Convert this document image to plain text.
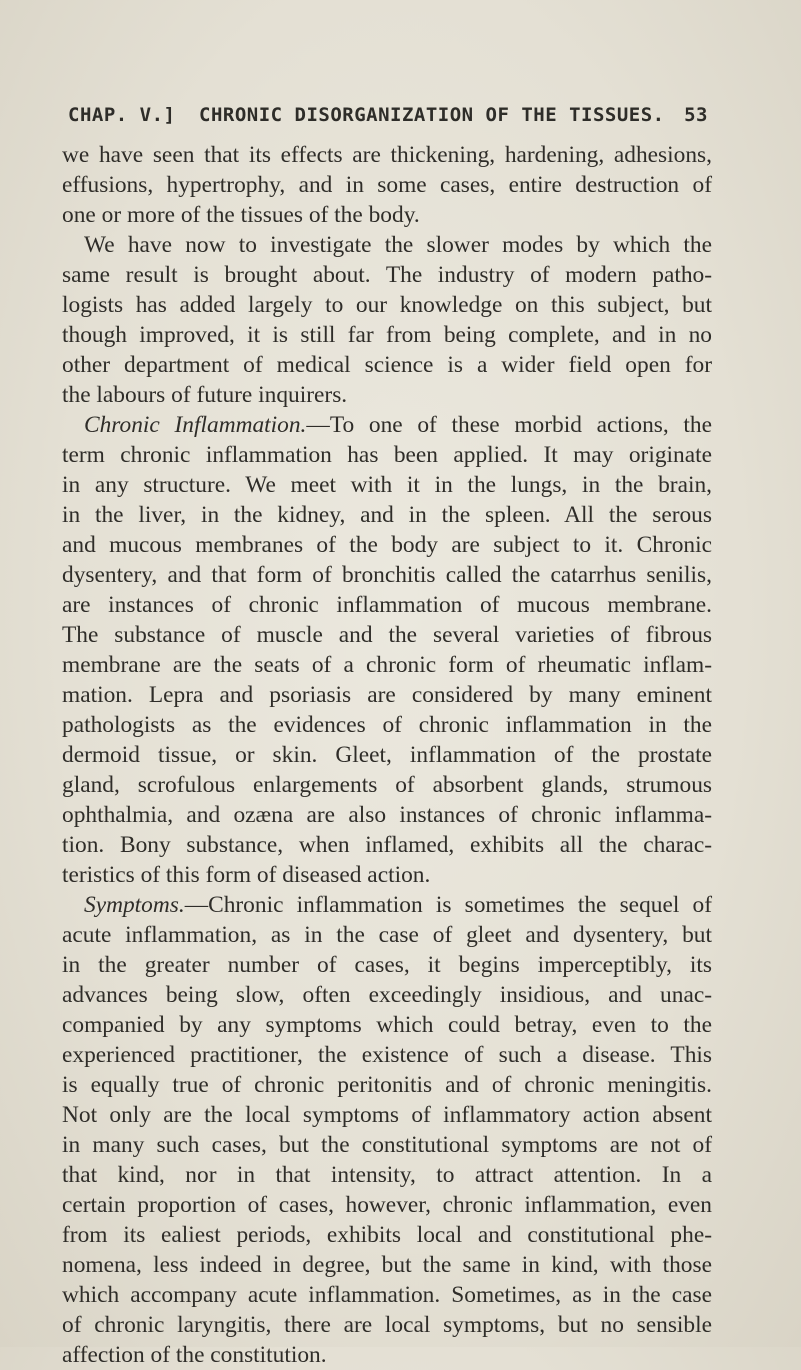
CHAP. V.] CHRONIC DISORGANIZATION OF THE TISSUES. 53
we have seen that its effects are thickening, hardening, adhesions,
effusions, hypertrophy, and in some cases, entire destruction of
one or more of the tissues of the body.
We have now to investigate the slower modes by which the
same result is brought about. The industry of modern patho-
logists has added largely to our knowledge on this subject, but
though improved, it is still far from being complete, and in no
other department of medical science is a wider field open for
the labours of future inquirers.
Chronic Inflammation.—To one of these morbid actions, the
term chronic inflammation has been applied. It may originate
in any structure. We meet with it in the lungs, in the brain,
in the liver, in the kidney, and in the spleen. All the serous
and mucous membranes of the body are subject to it. Chronic
dysentery, and that form of bronchitis called the catarrhus senilis,
are instances of chronic inflammation of mucous membrane.
The substance of muscle and the several varieties of fibrous
membrane are the seats of a chronic form of rheumatic inflam-
mation. Lepra and psoriasis are considered by many eminent
pathologists as the evidences of chronic inflammation in the
dermoid tissue, or skin. Gleet, inflammation of the prostate
gland, scrofulous enlargements of absorbent glands, strumous
ophthalmia, and ozæna are also instances of chronic inflamma-
tion. Bony substance, when inflamed, exhibits all the charac-
teristics of this form of diseased action.
Symptoms.—Chronic inflammation is sometimes the sequel of
acute inflammation, as in the case of gleet and dysentery, but
in the greater number of cases, it begins imperceptibly, its
advances being slow, often exceedingly insidious, and unac-
companied by any symptoms which could betray, even to the
experienced practitioner, the existence of such a disease. This
is equally true of chronic peritonitis and of chronic meningitis.
Not only are the local symptoms of inflammatory action absent
in many such cases, but the constitutional symptoms are not of
that kind, nor in that intensity, to attract attention. In a
certain proportion of cases, however, chronic inflammation, even
from its ealiest periods, exhibits local and constitutional phe-
nomena, less indeed in degree, but the same in kind, with those
which accompany acute inflammation. Sometimes, as in the case
of chronic laryngitis, there are local symptoms, but no sensible
affection of the constitution.
